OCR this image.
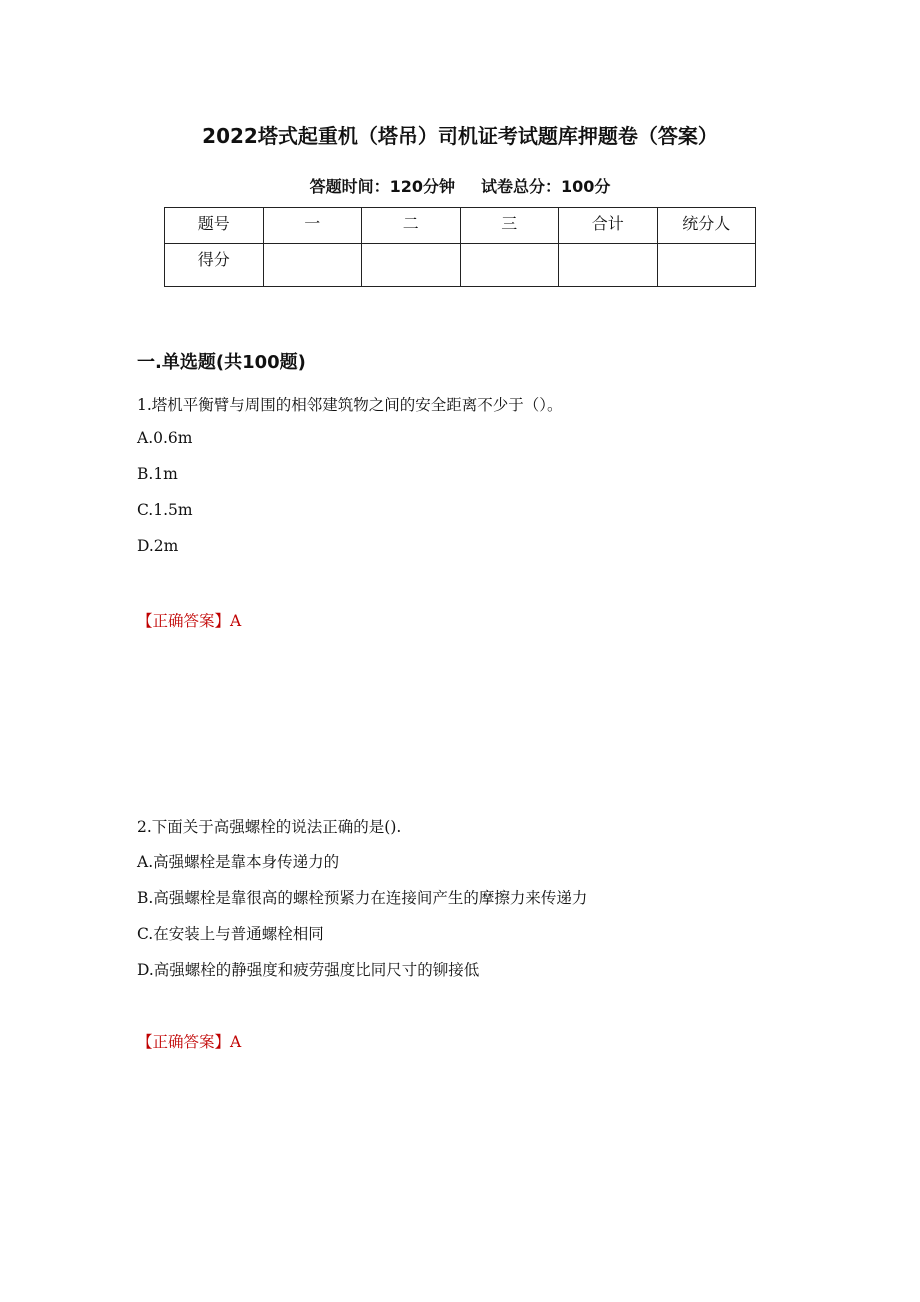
2022塔式起重机（塔吊）司机证考试题库押题卷（答案）
答题时间：120分钟 试卷总分：100分
题号	一	二	三	合计	统分人
得分					
一.单选题(共100题)
1.塔机平衡臂与周围的相邻建筑物之间的安全距离不少于（）。
A.0.6m
B.1m
C.1.5m
D.2m
【正确答案】A
2.下面关于高强螺栓的说法正确的是().
A.高强螺栓是靠本身传递力的
B.高强螺栓是靠很高的螺栓预紧力在连接间产生的摩擦力来传递力
C.在安装上与普通螺栓相同
D.高强螺栓的静强度和疲劳强度比同尺寸的铆接低
【正确答案】A
